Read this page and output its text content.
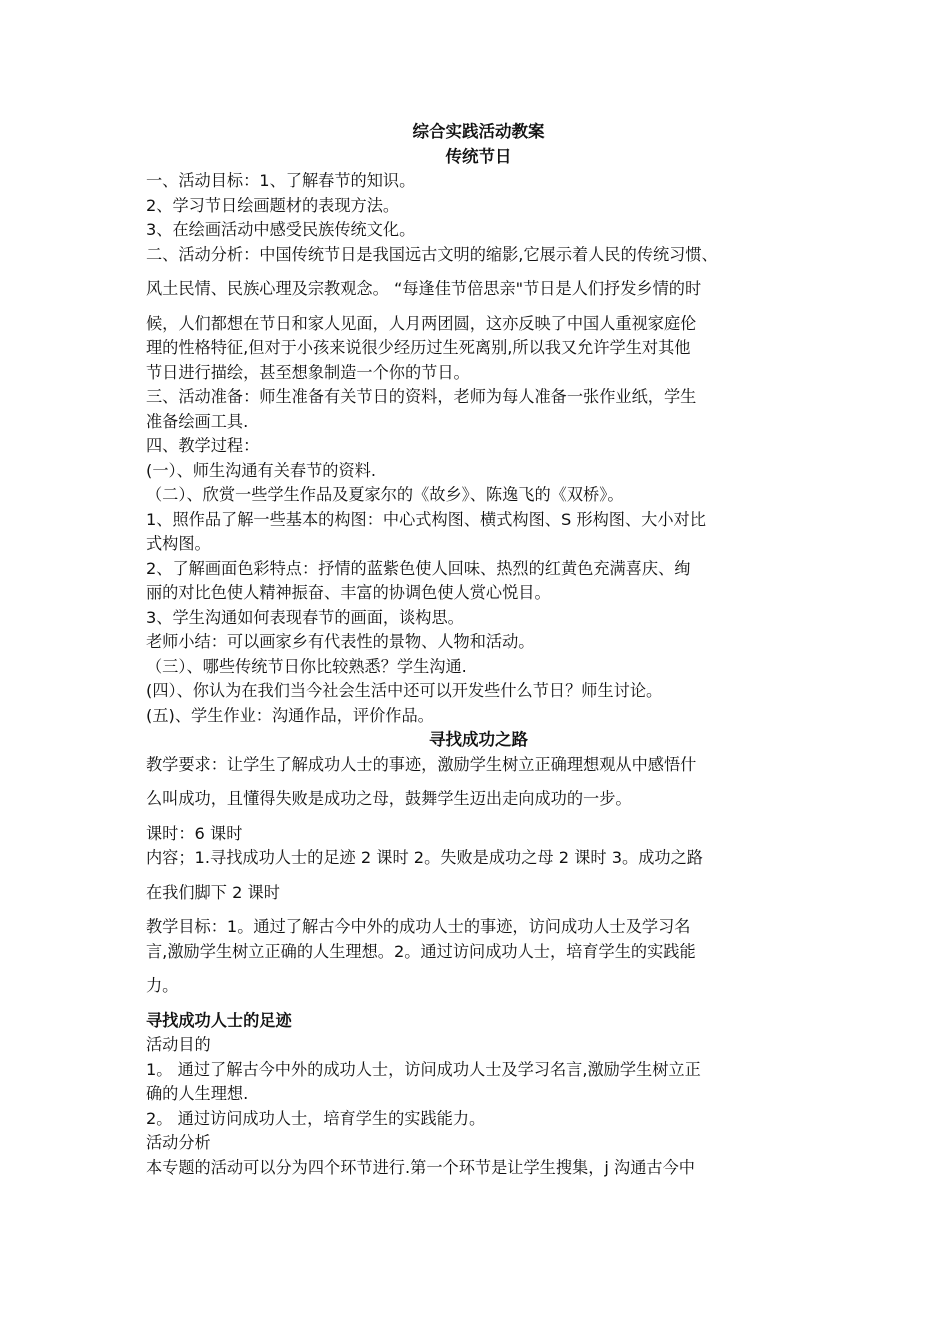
综合实践活动教案
传统节日
一、活动目标：1、了解春节的知识。
2、学习节日绘画题材的表现方法。
3、在绘画活动中感受民族传统文化。
二、活动分析：中国传统节日是我国远古文明的缩影,它展示着人民的传统习惯、
风土民情、民族心理及宗教观念。 “每逢佳节倍思亲"节日是人们抒发乡情的时
候，人们都想在节日和家人见面，人月两团圆，这亦反映了中国人重视家庭伦
理的性格特征,但对于小孩来说很少经历过生死离别,所以我又允许学生对其他
节日进行描绘，甚至想象制造一个你的节日。
三、活动准备：师生准备有关节日的资料，老师为每人准备一张作业纸，学生
准备绘画工具.
四、教学过程：
(一）、师生沟通有关春节的资料.
（二）、欣赏一些学生作品及夏家尔的《故乡》、陈逸飞的《双桥》。
1、照作品了解一些基本的构图：中心式构图、横式构图、S 形构图、大小对比
式构图。
2、了解画面色彩特点：抒情的蓝紫色使人回味、热烈的红黄色充满喜庆、绚
丽的对比色使人精神振奋、丰富的协调色使人赏心悦目。
3、学生沟通如何表现春节的画面，谈构思。
老师小结：可以画家乡有代表性的景物、人物和活动。
（三）、哪些传统节日你比较熟悉？学生沟通.
(四）、你认为在我们当今社会生活中还可以开发些什么节日？师生讨论。
(五)、学生作业：沟通作品，评价作品。
寻找成功之路
教学要求：让学生了解成功人士的事迹，激励学生树立正确理想观从中感悟什
么叫成功，且懂得失败是成功之母，鼓舞学生迈出走向成功的一步。
课时：6 课时
内容；1.寻找成功人士的足迹 2 课时 2。失败是成功之母 2 课时 3。成功之路
在我们脚下 2 课时
教学目标：1。通过了解古今中外的成功人士的事迹，访问成功人士及学习名
言,激励学生树立正确的人生理想。2。通过访问成功人士，培育学生的实践能
力。
寻找成功人士的足迹
活动目的
1。 通过了解古今中外的成功人士，访问成功人士及学习名言,激励学生树立正
确的人生理想.
2。 通过访问成功人士，培育学生的实践能力。
活动分析
本专题的活动可以分为四个环节进行.第一个环节是让学生搜集，j 沟通古今中
